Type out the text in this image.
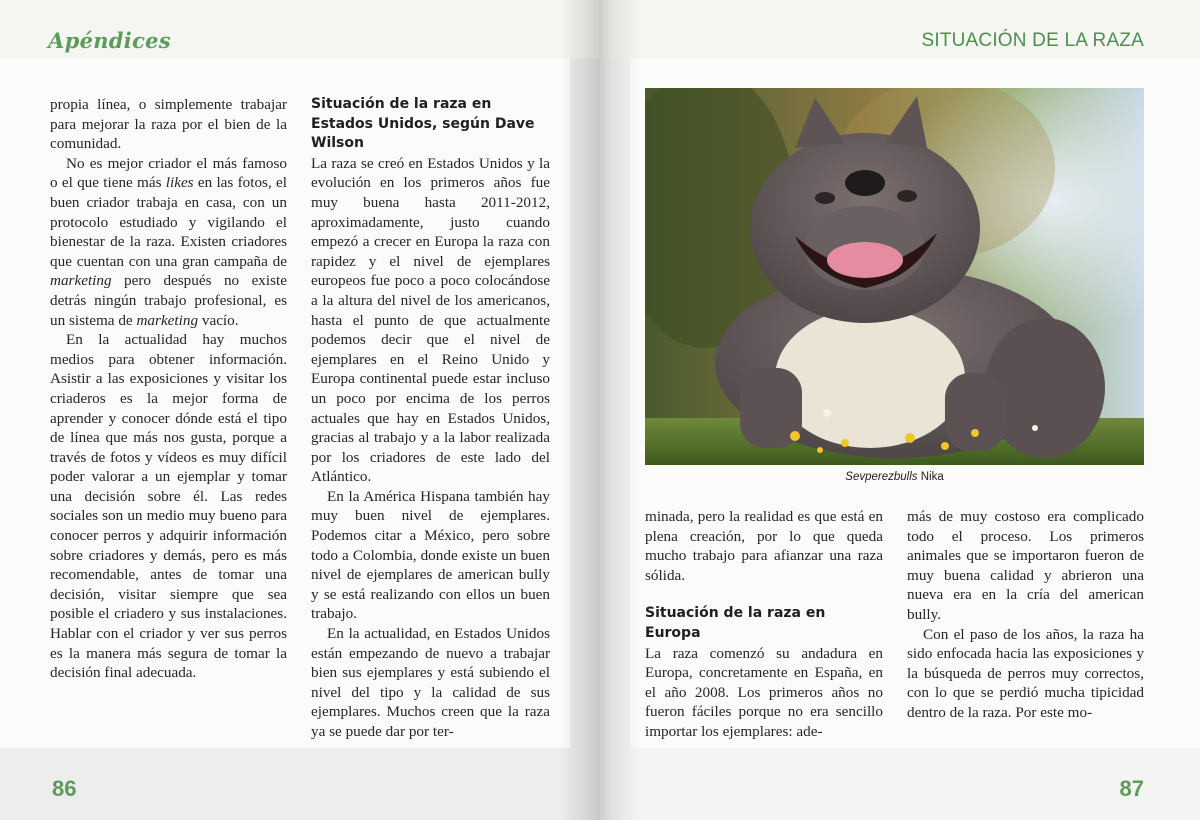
Apéndices	SITUACIÓN DE LA RAZA

propia línea, o simplemente trabajar para mejorar la raza por el bien de la comunidad.

No es mejor criador el más famoso o el que tiene más likes en las fotos, el buen criador trabaja en casa, con un protocolo estudiado y vigilando el bienestar de la raza. Existen criadores que cuentan con una gran campaña de marketing pero después no existe detrás ningún trabajo profesional, es un sistema de marketing vacío.

En la actualidad hay muchos medios para obtener información. Asistir a las exposiciones y visitar los criaderos es la mejor forma de aprender y conocer dónde está el tipo de línea que más nos gusta, porque a través de fotos y vídeos es muy difícil poder valorar a un ejemplar y tomar una decisión sobre él. Las redes sociales son un medio muy bueno para conocer perros y adquirir información sobre criadores y demás, pero es más recomendable, antes de tomar una decisión, visitar siempre que sea posible el criadero y sus instalaciones. Hablar con el criador y ver sus perros es la manera más segura de tomar la decisión final adecuada.

Situación de la raza en Estados Unidos, según Dave Wilson

La raza se creó en Estados Unidos y la evolución en los primeros años fue muy buena hasta 2011-2012, aproximadamente, justo cuando empezó a crecer en Europa la raza con rapidez y el nivel de ejemplares europeos fue poco a poco colocándose a la altura del nivel de los americanos, hasta el punto de que actualmente podemos decir que el nivel de ejemplares en el Reino Unido y Europa continental puede estar incluso un poco por encima de los perros actuales que hay en Estados Unidos, gracias al trabajo y a la labor realizada por los criadores de este lado del Atlántico.

En la América Hispana también hay muy buen nivel de ejemplares. Podemos citar a México, pero sobre todo a Colombia, donde existe un buen nivel de ejemplares de american bully y se está realizando con ellos un buen trabajo.

En la actualidad, en Estados Unidos están empezando de nuevo a trabajar bien sus ejemplares y está subiendo el nivel del tipo y la calidad de sus ejemplares. Muchos creen que la raza ya se puede dar por ter-

Sevperezbulls Nika

minada, pero la realidad es que está en plena creación, por lo que queda mucho trabajo para afianzar una raza sólida.

Situación de la raza en Europa

La raza comenzó su andadura en Europa, concretamente en España, en el año 2008. Los primeros años no fueron fáciles porque no era sencillo importar los ejemplares: ade-

más de muy costoso era complicado todo el proceso. Los primeros animales que se importaron fueron de muy buena calidad y abrieron una nueva era en la cría del american bully.

Con el paso de los años, la raza ha sido enfocada hacia las exposiciones y la búsqueda de perros muy correctos, con lo que se perdió mucha tipicidad dentro de la raza. Por este mo-

86	87
